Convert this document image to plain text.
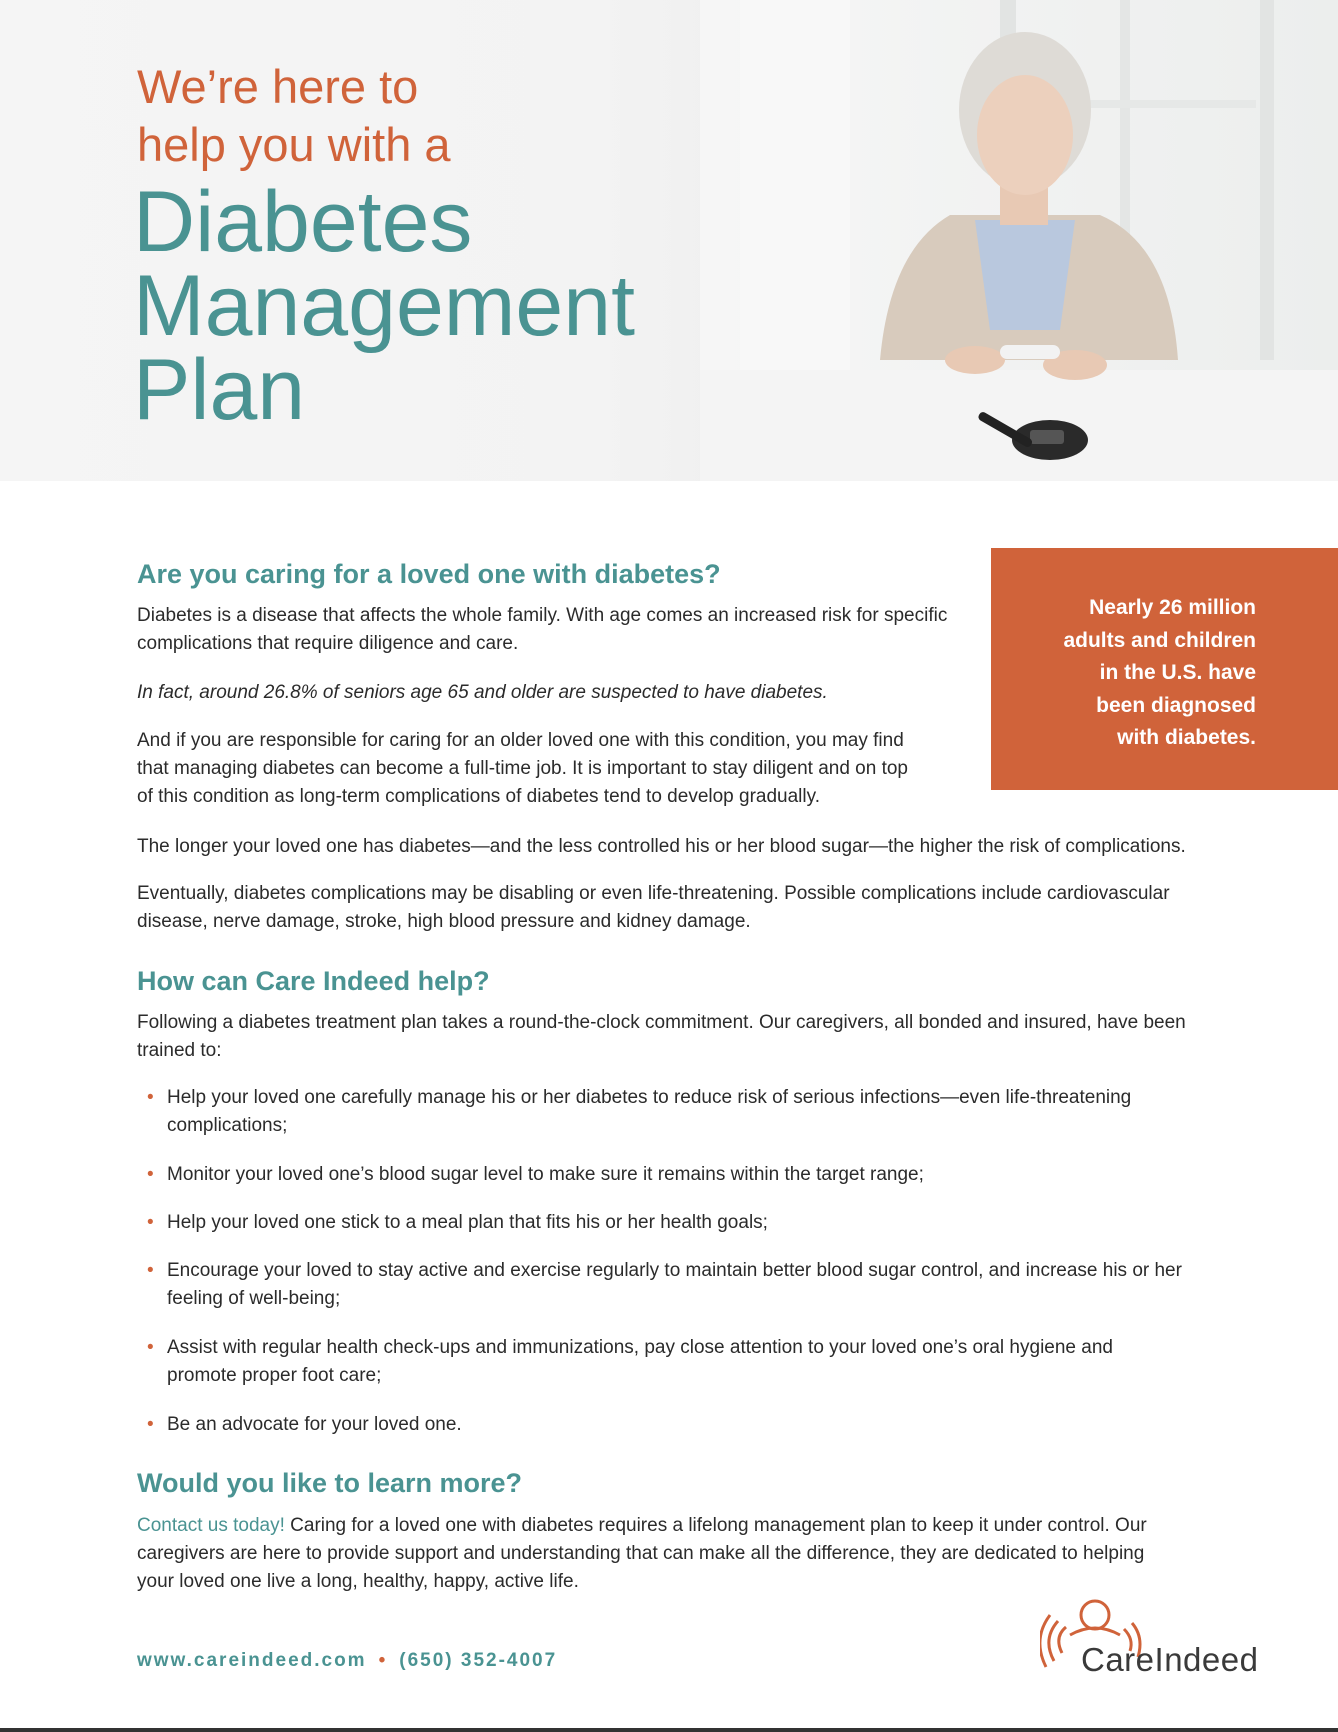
We’re here to
help you with a
Diabetes
Management
Plan

Nearly 26 million
adults and children
in the U.S. have
been diagnosed
with diabetes.

Are you caring for a loved one with diabetes?

Diabetes is a disease that affects the whole family. With age comes an increased risk for specific
complications that require diligence and care.

In fact, around 26.8% of seniors age 65 and older are suspected to have diabetes.

And if you are responsible for caring for an older loved one with this condition, you may find
that managing diabetes can become a full-time job. It is important to stay diligent and on top
of this condition as long-term complications of diabetes tend to develop gradually.

The longer your loved one has diabetes—and the less controlled his or her blood sugar—the higher the risk of complications.

Eventually, diabetes complications may be disabling or even life-threatening. Possible complications include cardiovascular
disease, nerve damage, stroke, high blood pressure and kidney damage.

How can Care Indeed help?

Following a diabetes treatment plan takes a round-the-clock commitment. Our caregivers, all bonded and insured, have been
trained to:

• Help your loved one carefully manage his or her diabetes to reduce risk of serious infections—even life-threatening
complications;
• Monitor your loved one’s blood sugar level to make sure it remains within the target range;
• Help your loved one stick to a meal plan that fits his or her health goals;
• Encourage your loved to stay active and exercise regularly to maintain better blood sugar control, and increase his or her
feeling of well-being;
• Assist with regular health check-ups and immunizations, pay close attention to your loved one’s oral hygiene and
promote proper foot care;
• Be an advocate for your loved one.
Would you like to learn more?

Contact us today! Caring for a loved one with diabetes requires a lifelong management plan to keep it under control. Our
caregivers are here to provide support and understanding that can make all the difference, they are dedicated to helping
your loved one live a long, healthy, happy, active life.

www.careindeed.com • (650) 352-4007	CareIndeed
